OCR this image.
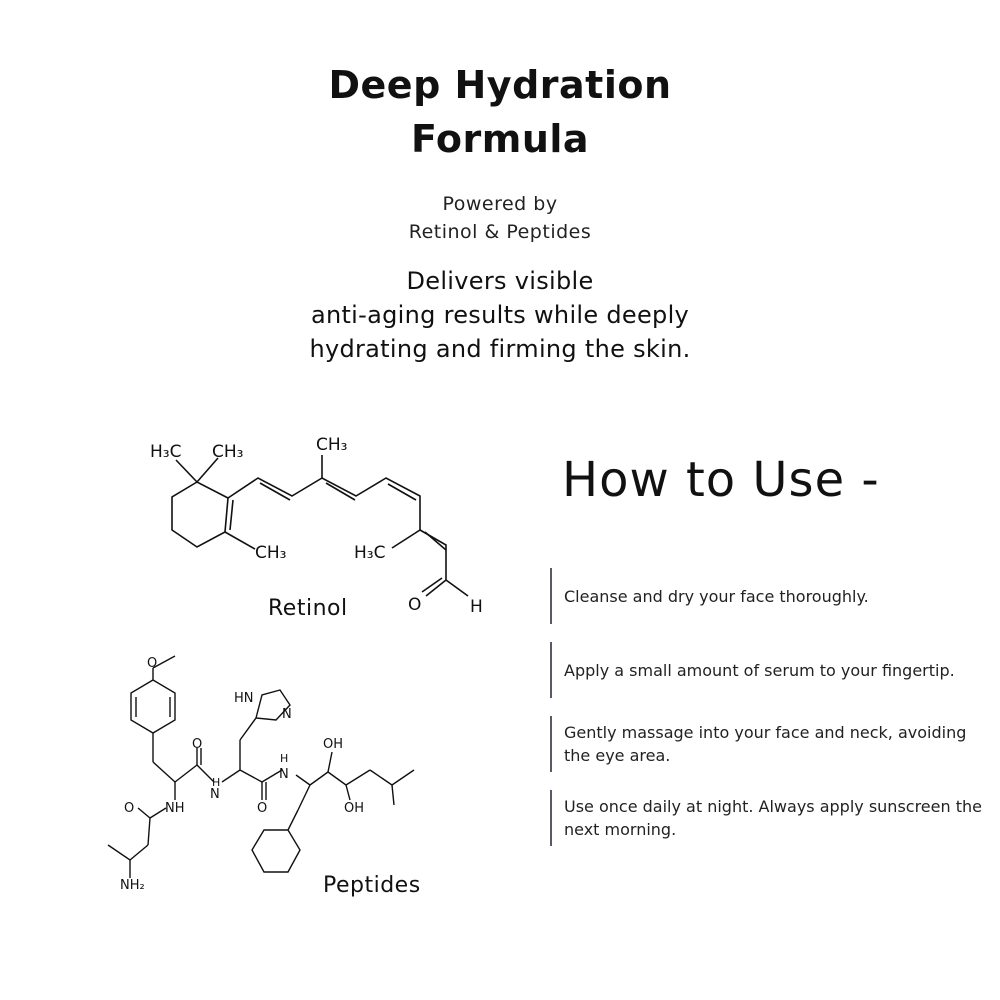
Deep Hydration
Formula
Powered by
Retinol & Peptides
Delivers visible
anti-aging results while deeply
hydrating and firming the skin.
H₃C CH₃	CH₃
CH₃	H₃C
O	H
O
HN
N
O
O	O
NH
N
H
N
H
OH
OH
NH₂
Retinol
Peptides
How to Use -
Cleanse and dry your face thoroughly.
Apply a small amount of serum to your fingertip.
Gently massage into your face and neck, avoiding the eye area.
Use once daily at night. Always apply sunscreen the next morning.
